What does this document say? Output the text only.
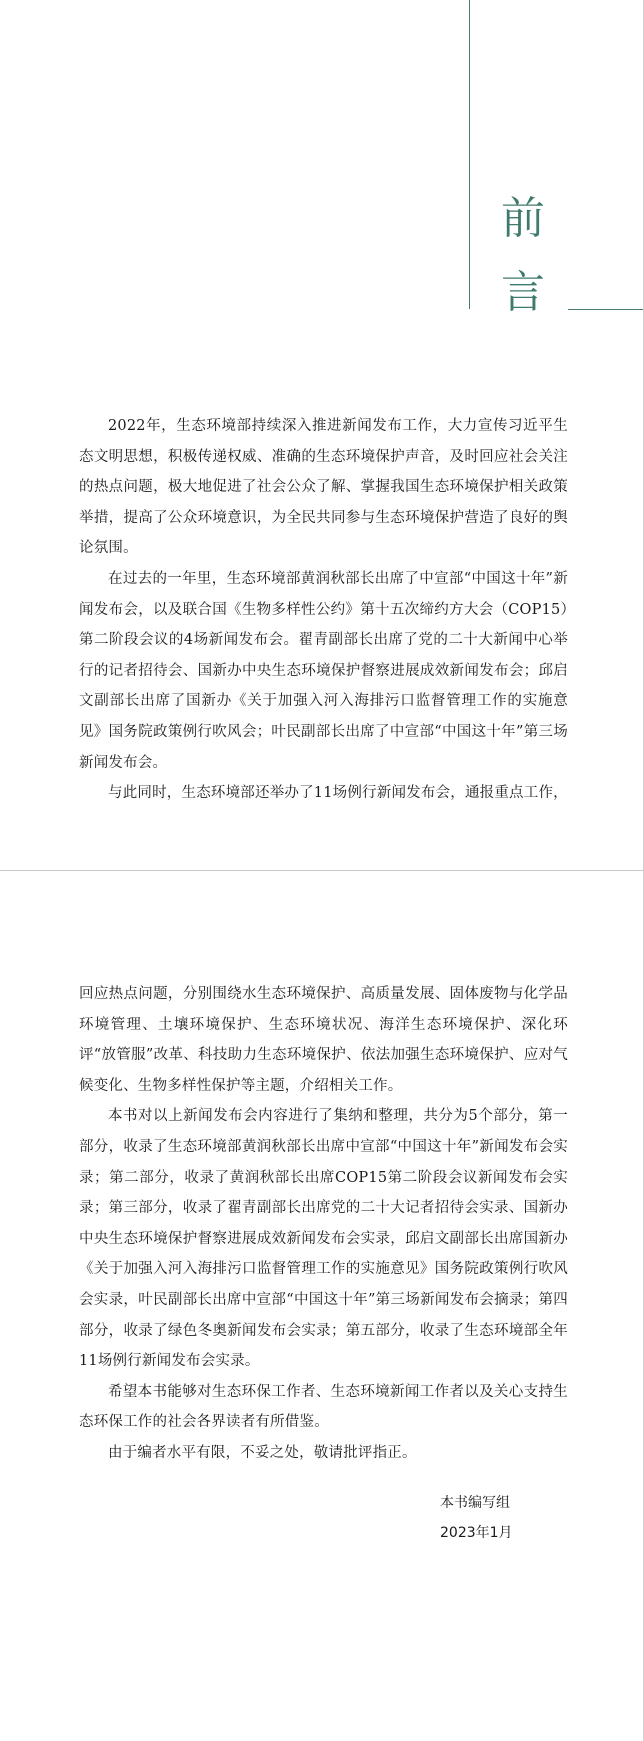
前
言

2022年，生态环境部持续深入推进新闻发布工作，大力宣传习近平生态文明思想，积极传递权威、准确的生态环境保护声音，及时回应社会关注的热点问题，极大地促进了社会公众了解、掌握我国生态环境保护相关政策举措，提高了公众环境意识，为全民共同参与生态环境保护营造了良好的舆论氛围。

在过去的一年里，生态环境部黄润秋部长出席了中宣部“中国这十年”新闻发布会，以及联合国《生物多样性公约》第十五次缔约方大会（COP15）第二阶段会议的4场新闻发布会。翟青副部长出席了党的二十大新闻中心举行的记者招待会、国新办中央生态环境保护督察进展成效新闻发布会；邱启文副部长出席了国新办《关于加强入河入海排污口监督管理工作的实施意见》国务院政策例行吹风会；叶民副部长出席了中宣部“中国这十年”第三场新闻发布会。

与此同时，生态环境部还举办了11场例行新闻发布会，通报重点工作，

回应热点问题，分别围绕水生态环境保护、高质量发展、固体废物与化学品环境管理、土壤环境保护、生态环境状况、海洋生态环境保护、深化环评“放管服”改革、科技助力生态环境保护、依法加强生态环境保护、应对气候变化、生物多样性保护等主题，介绍相关工作。

本书对以上新闻发布会内容进行了集纳和整理，共分为5个部分，第一部分，收录了生态环境部黄润秋部长出席中宣部“中国这十年”新闻发布会实录；第二部分，收录了黄润秋部长出席COP15第二阶段会议新闻发布会实录；第三部分，收录了翟青副部长出席党的二十大记者招待会实录、国新办中央生态环境保护督察进展成效新闻发布会实录，邱启文副部长出席国新办《关于加强入河入海排污口监督管理工作的实施意见》国务院政策例行吹风会实录，叶民副部长出席中宣部“中国这十年”第三场新闻发布会摘录；第四部分，收录了绿色冬奥新闻发布会实录；第五部分，收录了生态环境部全年11场例行新闻发布会实录。

希望本书能够对生态环保工作者、生态环境新闻工作者以及关心支持生态环保工作的社会各界读者有所借鉴。

由于编者水平有限，不妥之处，敬请批评指正。

本书编写组
2023年1月
